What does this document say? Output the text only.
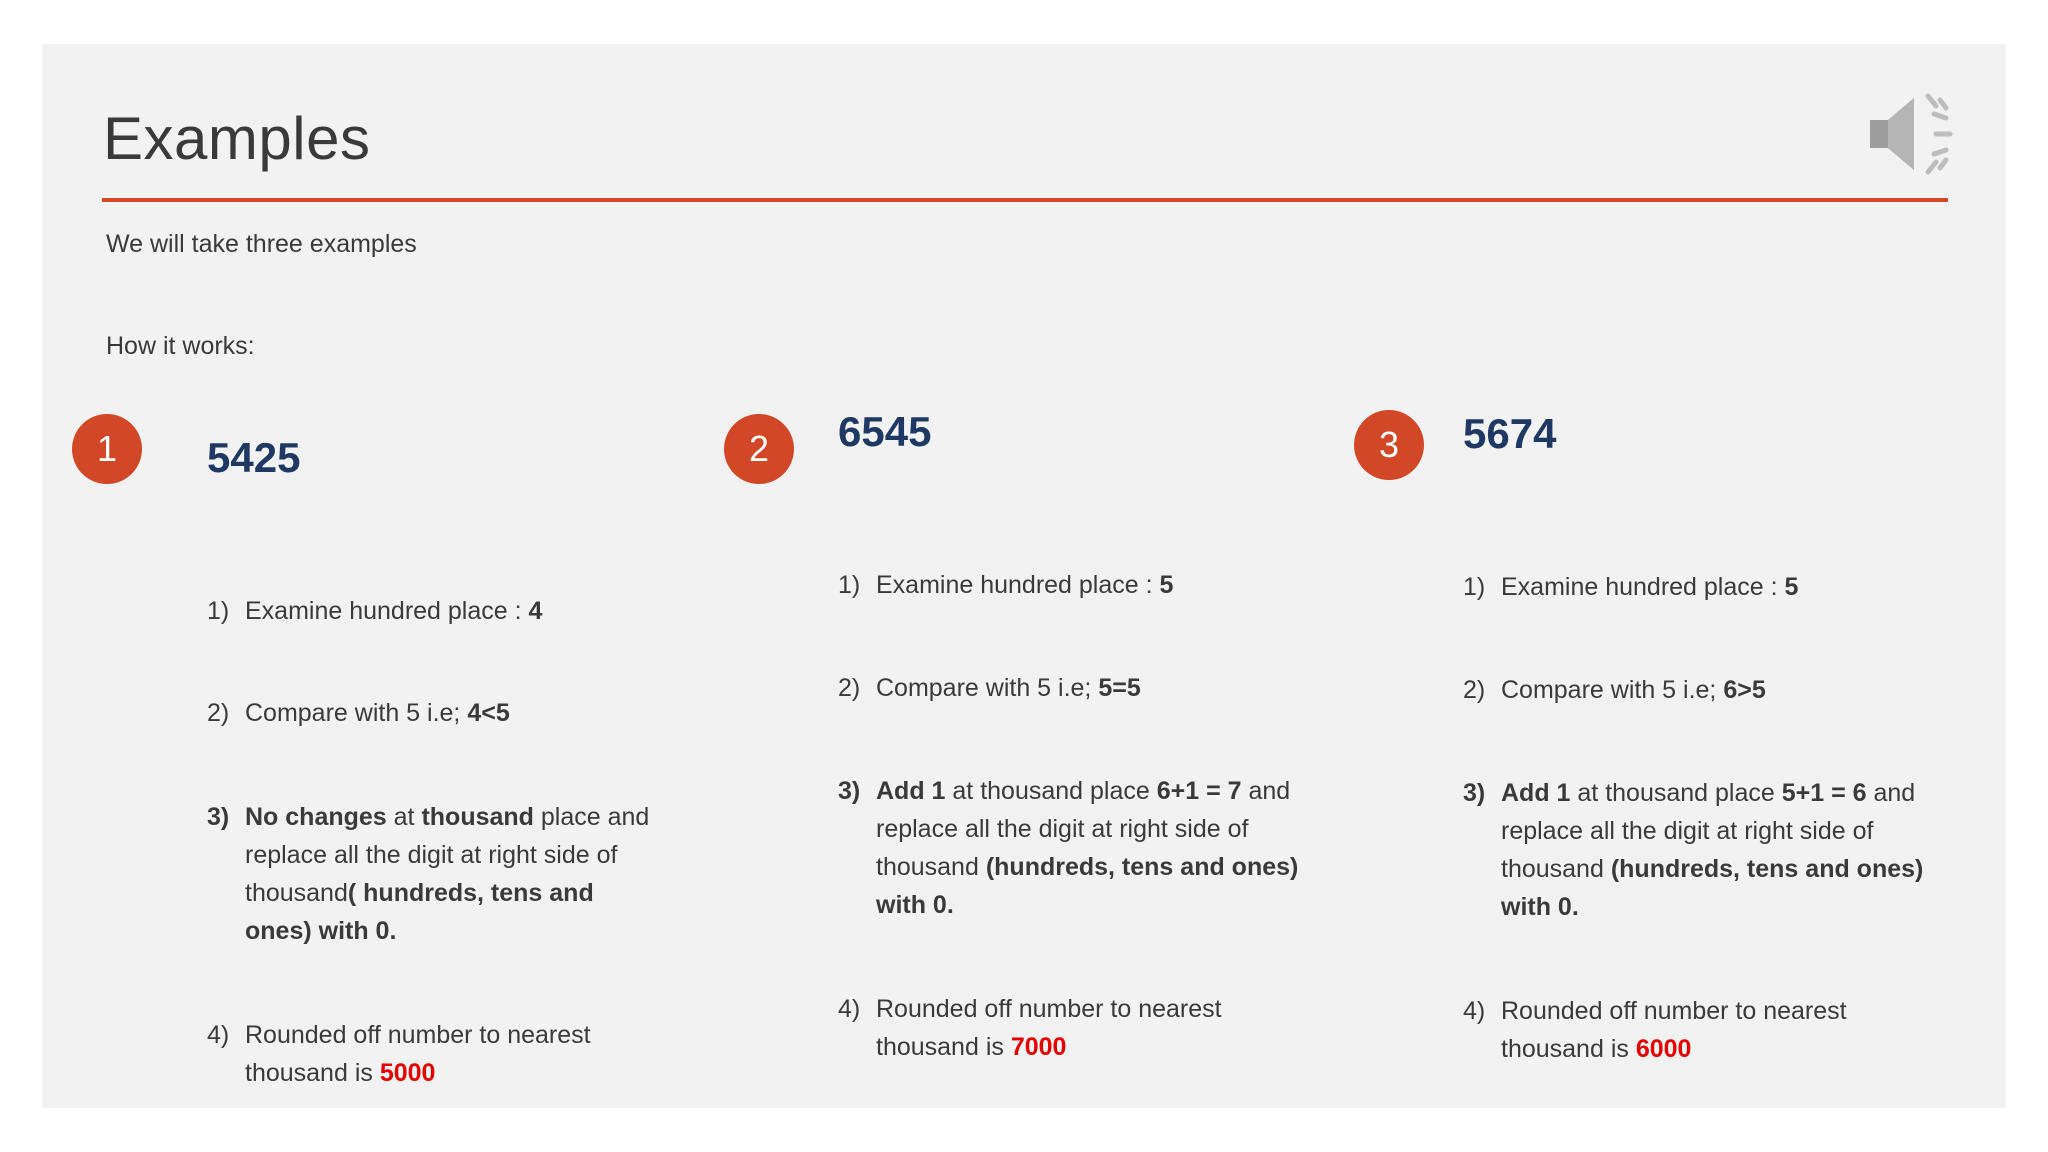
Examples
We will take three examples
How it works:
1	5425
1) Examine hundred place : 4
2) Compare with 5 i.e; 4<5
3) No changes at thousand place and replace all the digit at right side of thousand( hundreds, tens and ones) with 0.
4) Rounded off number to nearest thousand is 5000
2	6545
1) Examine hundred place : 5
2) Compare with 5 i.e; 5=5
3) Add 1 at thousand place 6+1 = 7 and replace all the digit at right side of thousand (hundreds, tens and ones) with 0.
4) Rounded off number to nearest thousand is 7000
3	5674
1) Examine hundred place : 5
2) Compare with 5 i.e; 6>5
3) Add 1 at thousand place 5+1 = 6 and replace all the digit at right side of thousand (hundreds, tens and ones) with 0.
4) Rounded off number to nearest thousand is 6000
